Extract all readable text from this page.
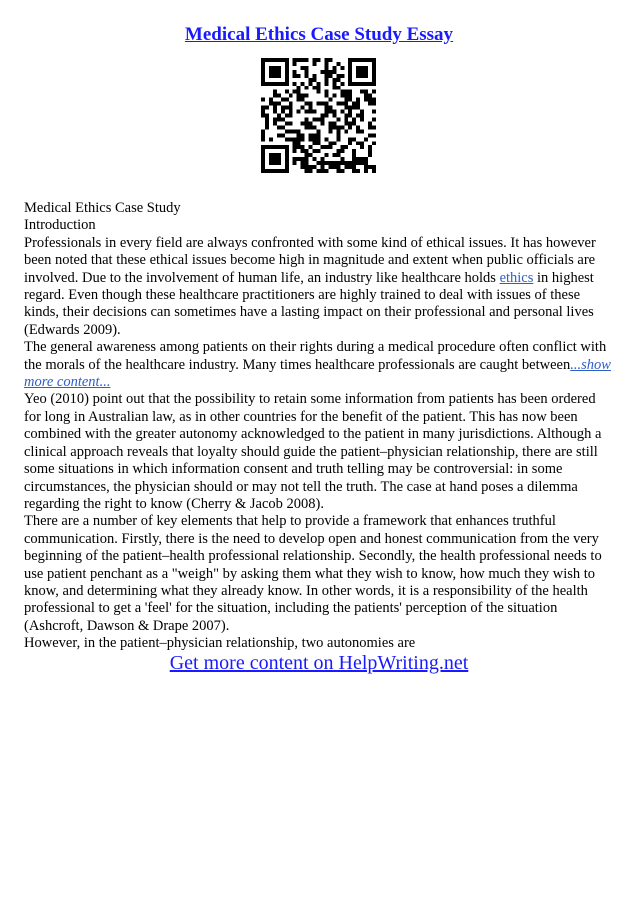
Medical Ethics Case Study Essay

Medical Ethics Case Study

Introduction

Professionals in every field are always confronted with some kind of ethical issues. It has however been noted that these ethical issues become high in magnitude and extent when public officials are involved. Due to the involvement of human life, an industry like healthcare holds ethics in highest regard. Even though these healthcare practitioners are highly trained to deal with issues of these kinds, their decisions can sometimes have a lasting impact on their professional and personal lives (Edwards 2009).

The general awareness among patients on their rights during a medical procedure often conflict with the morals of the healthcare industry. Many times healthcare professionals are caught between...show more content...

Yeo (2010) point out that the possibility to retain some information from patients has been ordered for long in Australian law, as in other countries for the benefit of the patient. This has now been combined with the greater autonomy acknowledged to the patient in many jurisdictions. Although a clinical approach reveals that loyalty should guide the patient–physician relationship, there are still some situations in which information consent and truth telling may be controversial: in some circumstances, the physician should or may not tell the truth. The case at hand poses a dilemma regarding the right to know (Cherry & Jacob 2008).

There are a number of key elements that help to provide a framework that enhances truthful communication. Firstly, there is the need to develop open and honest communication from the very beginning of the patient–health professional relationship. Secondly, the health professional needs to use patient penchant as a "weigh" by asking them what they wish to know, how much they wish to know, and determining what they already know. In other words, it is a responsibility of the health professional to get a 'feel' for the situation, including the patients' perception of the situation (Ashcroft, Dawson & Drape 2007).

However, in the patient–physician relationship, two autonomies are

Get more content on HelpWriting.net
